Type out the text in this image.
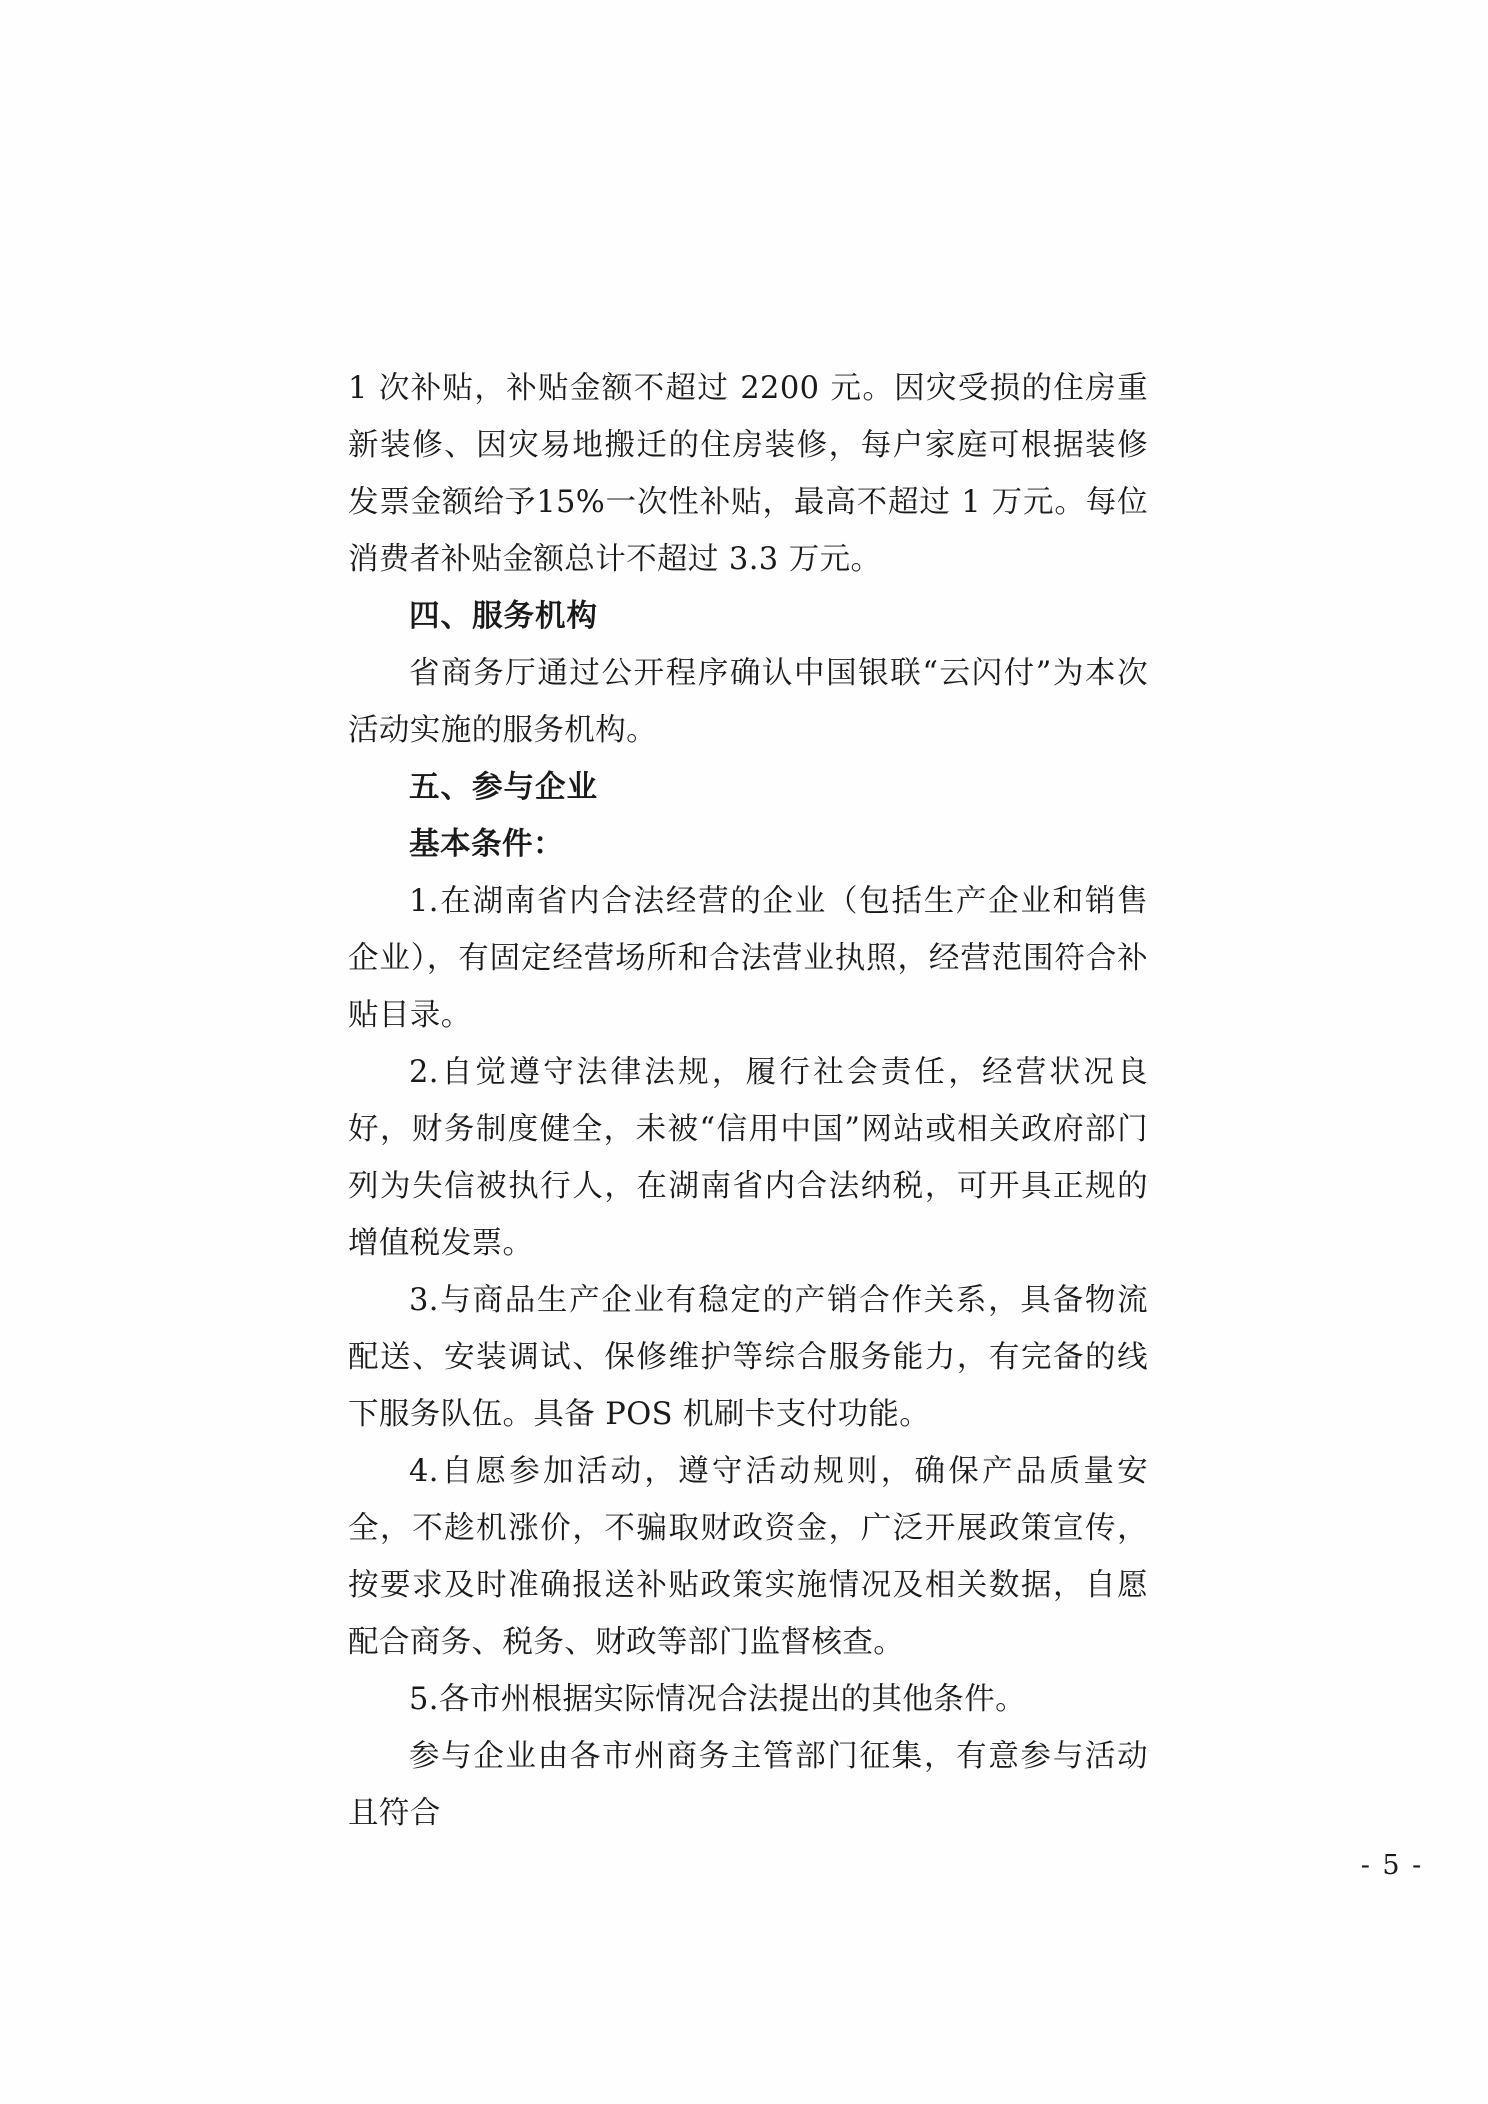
1 次补贴，补贴金额不超过 2200 元。因灾受损的住房重新装修、因灾易地搬迁的住房装修，每户家庭可根据装修发票金额给予15%一次性补贴，最高不超过 1 万元。每位消费者补贴金额总计不超过 3.3 万元。

四、服务机构

省商务厅通过公开程序确认中国银联“云闪付”为本次活动实施的服务机构。

五、参与企业

基本条件：

1.在湖南省内合法经营的企业（包括生产企业和销售企业），有固定经营场所和合法营业执照，经营范围符合补贴目录。

2.自觉遵守法律法规，履行社会责任，经营状况良好，财务制度健全，未被“信用中国”网站或相关政府部门列为失信被执行人，在湖南省内合法纳税，可开具正规的增值税发票。

3.与商品生产企业有稳定的产销合作关系，具备物流配送、安装调试、保修维护等综合服务能力，有完备的线下服务队伍。具备 POS 机刷卡支付功能。

4.自愿参加活动，遵守活动规则，确保产品质量安全，不趁机涨价，不骗取财政资金，广泛开展政策宣传，按要求及时准确报送补贴政策实施情况及相关数据，自愿配合商务、税务、财政等部门监督核查。

5.各市州根据实际情况合法提出的其他条件。

参与企业由各市州商务主管部门征集，有意参与活动且符合

- 5 -
